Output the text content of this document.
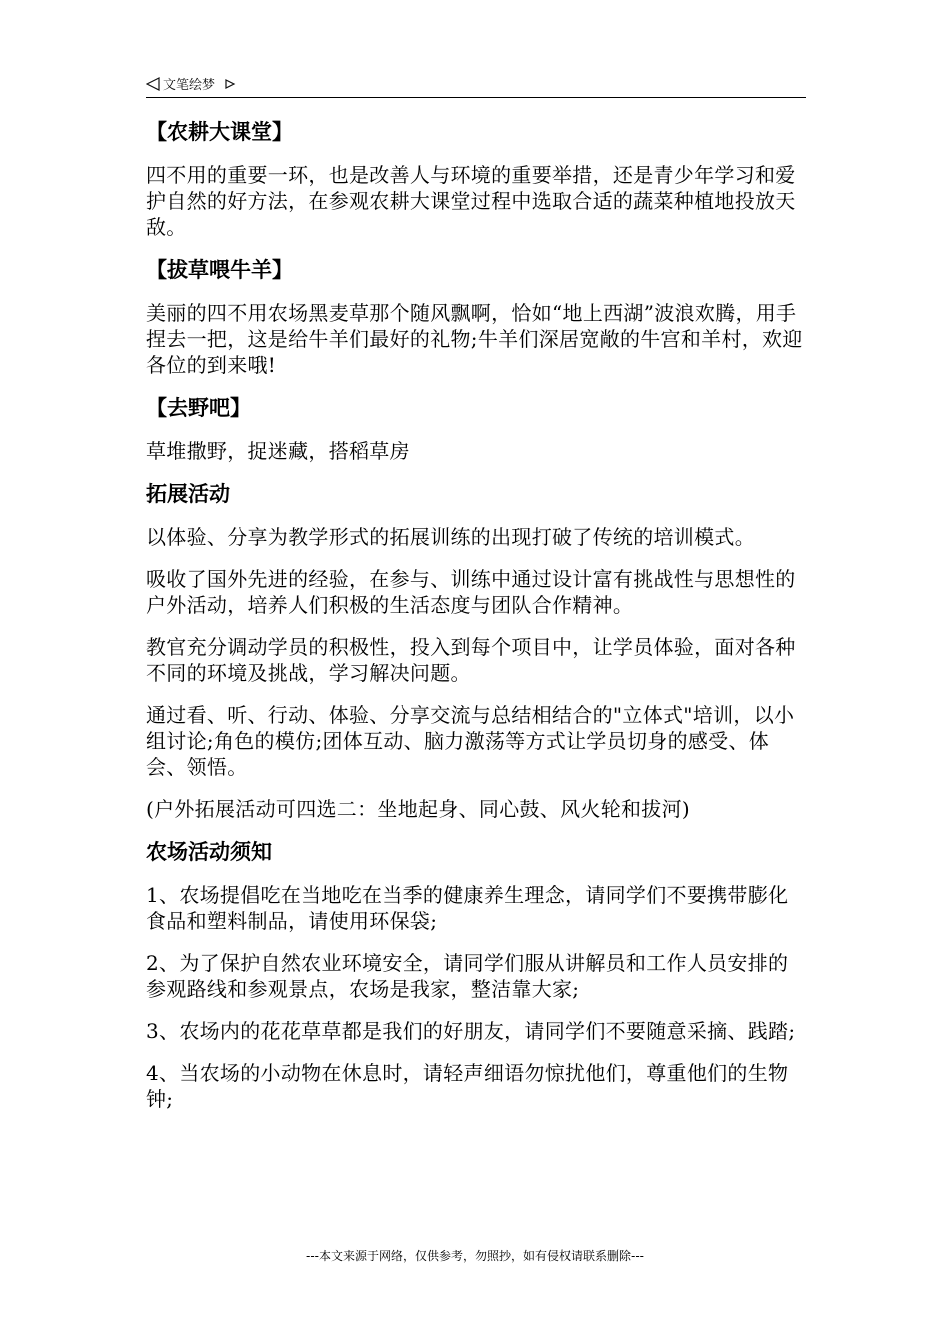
文笔绘梦
【农耕大课堂】
四不用的重要一环，也是改善人与环境的重要举措，还是青少年学习和爱护自然的好方法，在参观农耕大课堂过程中选取合适的蔬菜种植地投放天敌。
【拔草喂牛羊】
美丽的四不用农场黑麦草那个随风飘啊，恰如“地上西湖”波浪欢腾，用手捏去一把，这是给牛羊们最好的礼物;牛羊们深居宽敞的牛宫和羊村，欢迎各位的到来哦!
【去野吧】
草堆撒野，捉迷藏，搭稻草房
拓展活动
以体验、分享为教学形式的拓展训练的出现打破了传统的培训模式。
吸收了国外先进的经验，在参与、训练中通过设计富有挑战性与思想性的户外活动，培养人们积极的生活态度与团队合作精神。
教官充分调动学员的积极性，投入到每个项目中，让学员体验，面对各种不同的环境及挑战，学习解决问题。
通过看、听、行动、体验、分享交流与总结相结合的"立体式"培训，以小组讨论;角色的模仿;团体互动、脑力激荡等方式让学员切身的感受、体会、领悟。
(户外拓展活动可四选二：坐地起身、同心鼓、风火轮和拔河)
农场活动须知
1、农场提倡吃在当地吃在当季的健康养生理念，请同学们不要携带膨化食品和塑料制品，请使用环保袋;
2、为了保护自然农业环境安全，请同学们服从讲解员和工作人员安排的参观路线和参观景点，农场是我家，整洁靠大家;
3、农场内的花花草草都是我们的好朋友，请同学们不要随意采摘、践踏;
4、当农场的小动物在休息时，请轻声细语勿惊扰他们，尊重他们的生物钟;
---本文来源于网络，仅供参考，勿照抄，如有侵权请联系删除---
